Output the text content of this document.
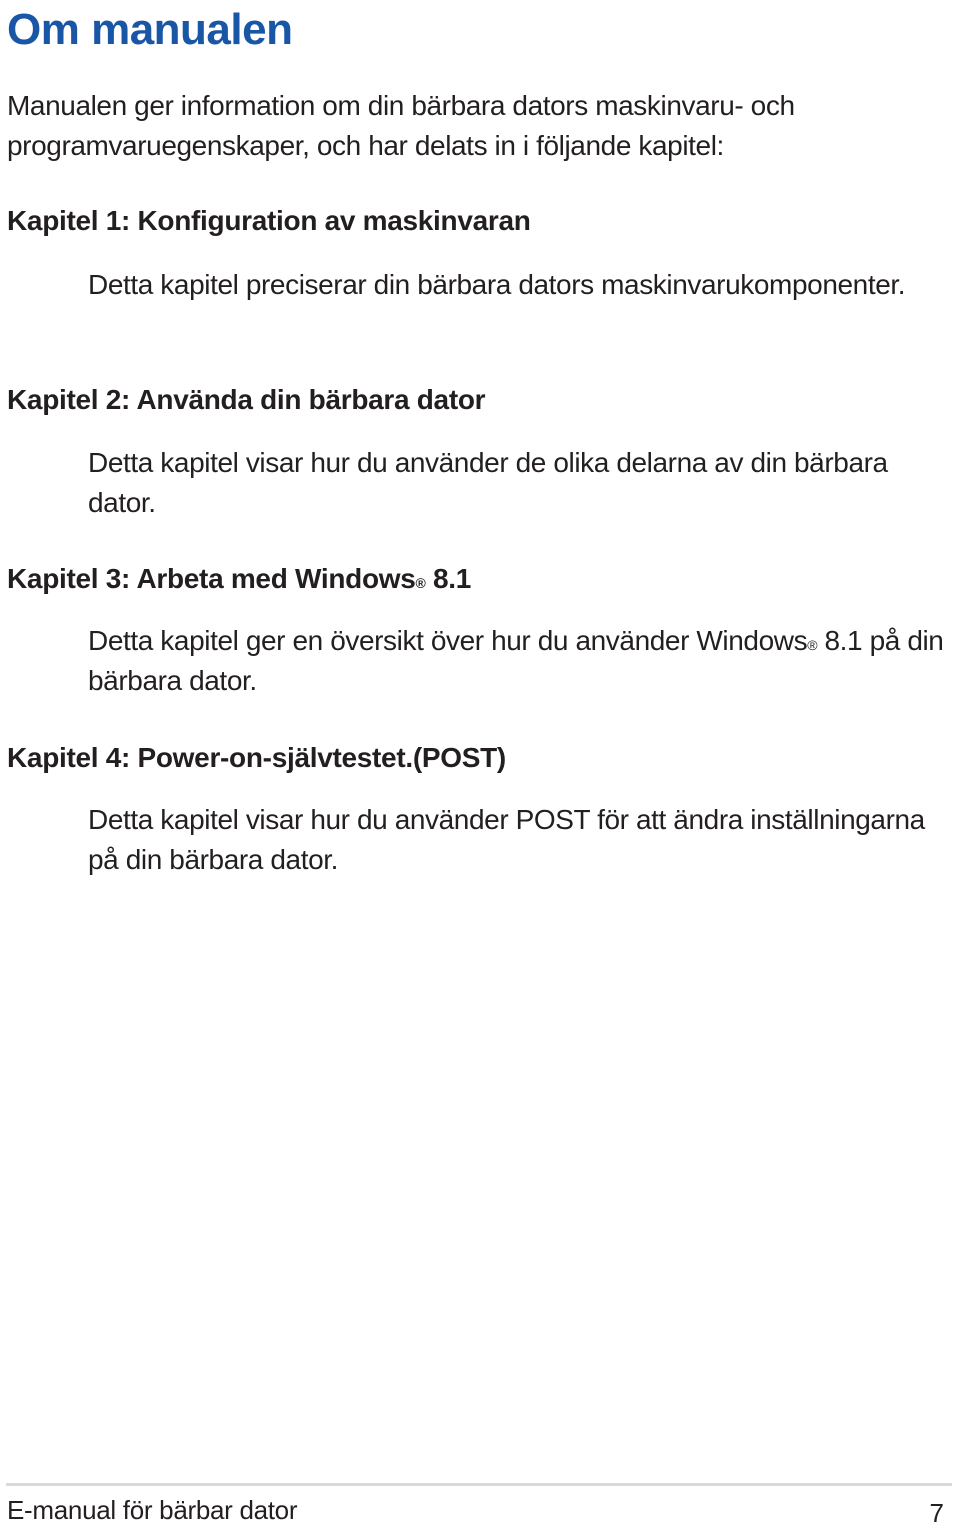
Om manualen

Manualen ger information om din bärbara dators maskinvaru- och programvaruegenskaper, och har delats in i följande kapitel:

Kapitel 1: Konfiguration av maskinvaran

Detta kapitel preciserar din bärbara dators maskinvarukomponenter.

Kapitel 2: Använda din bärbara dator

Detta kapitel visar hur du använder de olika delarna av din bärbara dator.

Kapitel 3: Arbeta med Windows® 8.1

Detta kapitel ger en översikt över hur du använder Windows® 8.1 på din bärbara dator.

Kapitel 4: Power-on-självtestet.(POST)

Detta kapitel visar hur du använder POST för att ändra inställningarna på din bärbara dator.

E-manual för bärbar dator	7
